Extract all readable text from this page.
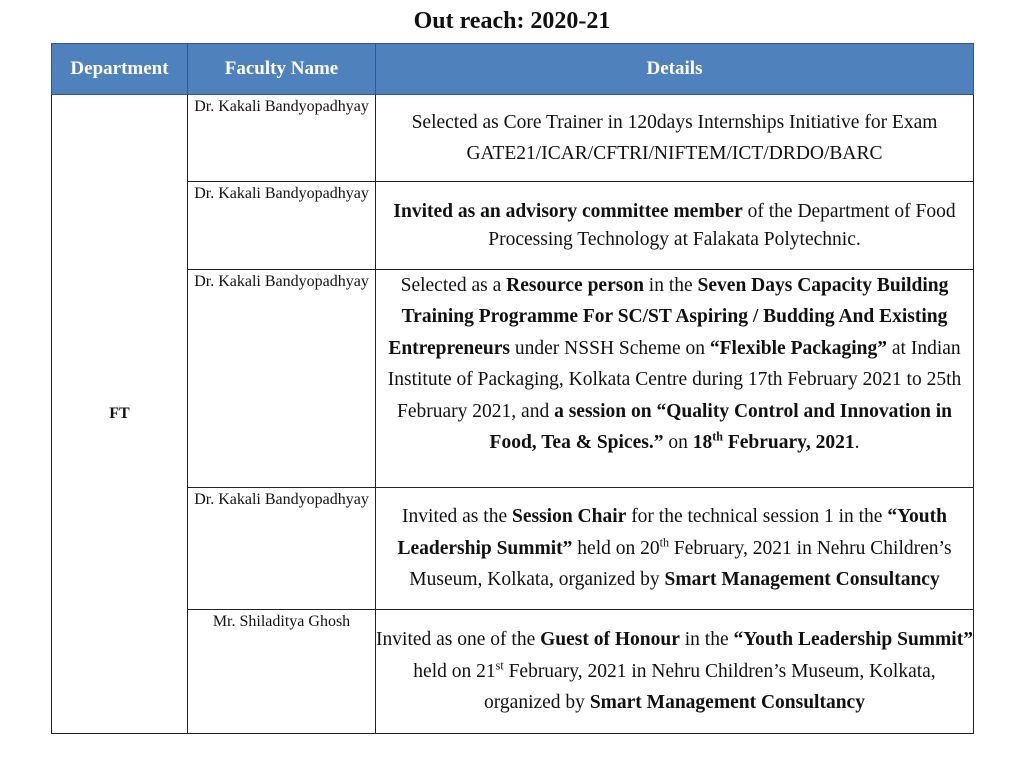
Out reach: 2020-21
Department	Faculty Name	Details
FT	Dr. Kakali Bandyopadhyay	Selected as Core Trainer in 120days Internships Initiative for Exam GATE21/ICAR/CFTRI/NIFTEM/ICT/DRDO/BARC
	Dr. Kakali Bandyopadhyay	Invited as an advisory committee member of the Department of Food Processing Technology at Falakata Polytechnic.
	Dr. Kakali Bandyopadhyay	Selected as a Resource person in the Seven Days Capacity Building Training Programme For SC/ST Aspiring / Budding And Existing Entrepreneurs under NSSH Scheme on “Flexible Packaging” at Indian Institute of Packaging, Kolkata Centre during 17th February 2021 to 25th February 2021, and a session on “Quality Control and Innovation in Food, Tea & Spices.” on 18th February, 2021.
	Dr. Kakali Bandyopadhyay	Invited as the Session Chair for the technical session 1 in the “Youth Leadership Summit” held on 20th February, 2021 in Nehru Children’s Museum, Kolkata, organized by Smart Management Consultancy
	Mr. Shiladitya Ghosh	Invited as one of the Guest of Honour in the “Youth Leadership Summit” held on 21st February, 2021 in Nehru Children’s Museum, Kolkata, organized by Smart Management Consultancy
